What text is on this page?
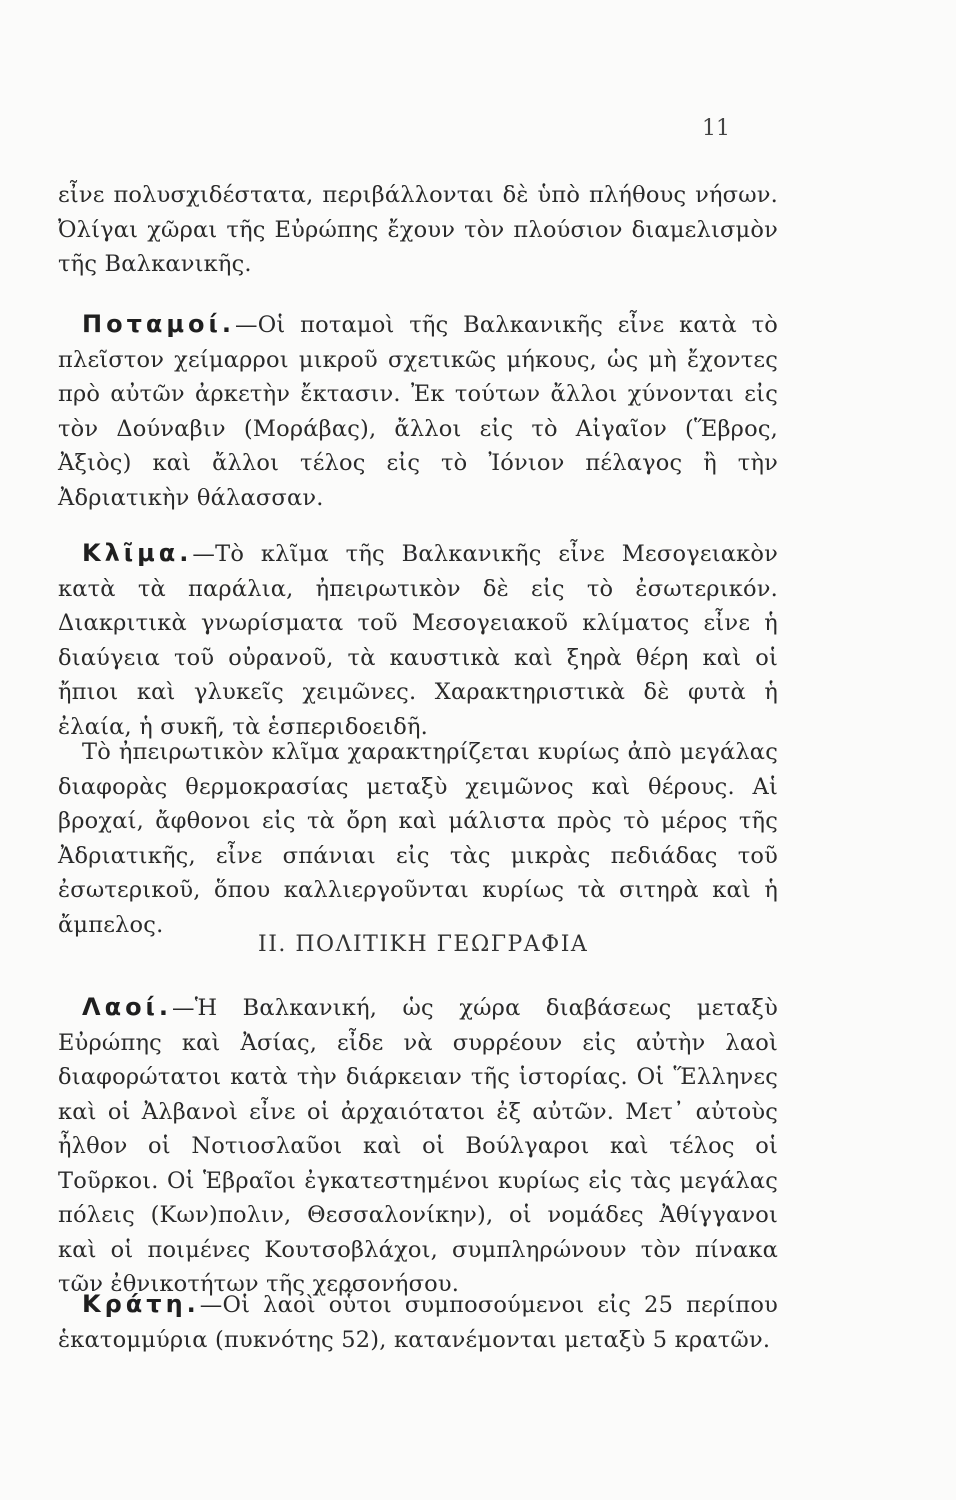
11

εἶνε πολυσχιδέστατα, περιβάλλονται δὲ ὑπὸ πλήθους νήσων. Ὀλίγαι χῶραι τῆς Εὐρώπης ἔχουν τὸν πλούσιον διαμελισμὸν τῆς Βαλκανικῆς.

Ποταμοί.—Οἱ ποταμοὶ τῆς Βαλκανικῆς εἶνε κατὰ τὸ πλεῖστον χείμαρροι μικροῦ σχετικῶς μήκους, ὡς μὴ ἔχοντες πρὸ αὐτῶν ἀρκετὴν ἔκτασιν. Ἐκ τούτων ἄλλοι χύνονται εἰς τὸν Δούναβιν (Μοράβας), ἄλλοι εἰς τὸ Αἰγαῖον (Ἕβρος, Ἀξιὸς) καὶ ἄλλοι τέλος εἰς τὸ Ἰόνιον πέλαγος ἢ τὴν Ἀδριατικὴν θάλασσαν.

Κλῖμα.—Τὸ κλῖμα τῆς Βαλκανικῆς εἶνε Μεσογειακὸν κατὰ τὰ παράλια, ἠπειρωτικὸν δὲ εἰς τὸ ἐσωτερικόν. Διακριτικὰ γνωρίσματα τοῦ Μεσογειακοῦ κλίματος εἶνε ἡ διαύγεια τοῦ οὐρανοῦ, τὰ καυστικὰ καὶ ξηρὰ θέρη καὶ οἱ ἤπιοι καὶ γλυκεῖς χειμῶνες. Χαρακτηριστικὰ δὲ φυτὰ ἡ ἐλαία, ἡ συκῆ, τὰ ἑσπεριδοειδῆ.

Τὸ ἠπειρωτικὸν κλῖμα χαρακτηρίζεται κυρίως ἀπὸ μεγάλας διαφορὰς θερμοκρασίας μεταξὺ χειμῶνος καὶ θέρους. Αἱ βροχαί, ἄφθονοι εἰς τὰ ὄρη καὶ μάλιστα πρὸς τὸ μέρος τῆς Ἀδριατικῆς, εἶνε σπάνιαι εἰς τὰς μικρὰς πεδιάδας τοῦ ἐσωτερικοῦ, ὅπου καλλιεργοῦνται κυρίως τὰ σιτηρὰ καὶ ἡ ἄμπελος.

ΙΙ. ΠΟΛΙΤΙΚΗ ΓΕΩΓΡΑΦΙΑ

Λαοί.—Ἡ Βαλκανική, ὡς χώρα διαβάσεως μεταξὺ Εὐρώπης καὶ Ἀσίας, εἶδε νὰ συρρέουν εἰς αὐτὴν λαοὶ διαφορώτατοι κατὰ τὴν διάρκειαν τῆς ἱστορίας. Οἱ Ἕλληνες καὶ οἱ Ἀλβανοὶ εἶνε οἱ ἀρχαιότατοι ἐξ αὐτῶν. Μετ᾽ αὐτοὺς ἦλθον οἱ Νοτιοσλαῦοι καὶ οἱ Βούλγαροι καὶ τέλος οἱ Τοῦρκοι. Οἱ Ἑβραῖοι ἐγκατεστημένοι κυρίως εἰς τὰς μεγάλας πόλεις (Κων)πολιν, Θεσσαλονίκην), οἱ νομάδες Ἀθίγγανοι καὶ οἱ ποιμένες Κουτσοβλάχοι, συμπληρώνουν τὸν πίνακα τῶν ἐθνικοτήτων τῆς χερσονήσου.

Κράτη.—Οἱ λαοὶ οὗτοι συμποσούμενοι εἰς 25 περίπου ἑκατομμύρια (πυκνότης 52), κατανέμονται μεταξὺ 5 κρατῶν.
